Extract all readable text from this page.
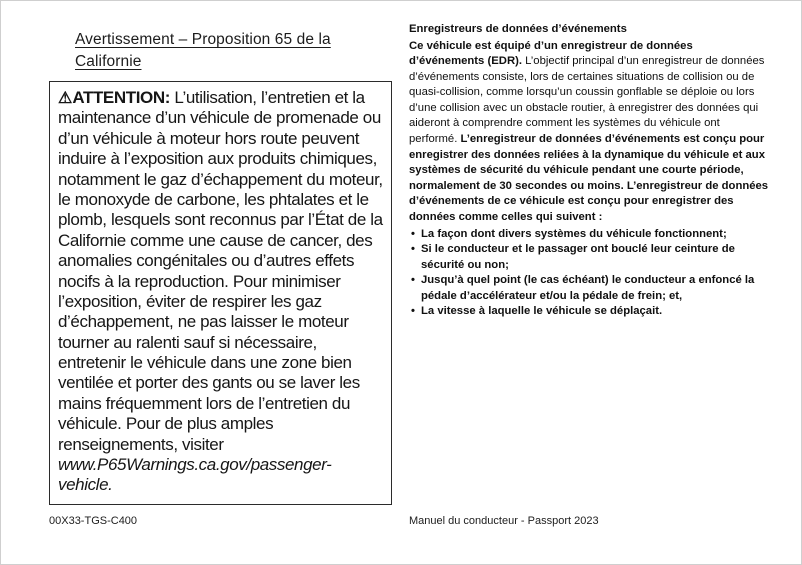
Avertissement – Proposition 65 de la
Californie

⚠ATTENTION: L’utilisation, l’entretien et la maintenance d’un véhicule de promenade ou d’un véhicule à moteur hors route peuvent induire à l’exposition aux produits chimiques, notamment le gaz d’échappement du moteur, le monoxyde de carbone, les phtalates et le plomb, lesquels sont reconnus par l’État de la Californie comme une cause de cancer, des anomalies congénitales ou d’autres effets nocifs à la reproduction. Pour minimiser l’exposition, éviter de respirer les gaz d’échappement, ne pas laisser le moteur tourner au ralenti sauf si nécessaire, entretenir le véhicule dans une zone bien ventilée et porter des gants ou se laver les mains fréquemment lors de l’entretien du véhicule. Pour de plus amples renseignements, visiter www.P65Warnings.ca.gov/passenger-vehicle.

Enregistreurs de données d’événements

Ce véhicule est équipé d’un enregistreur de données d’événements (EDR). L’objectif principal d’un enregistreur de données d’événements consiste, lors de certaines situations de collision ou de quasi-collision, comme lorsqu’un coussin gonflable se déploie ou lors d’une collision avec un obstacle routier, à enregistrer des données qui aideront à comprendre comment les systèmes du véhicule ont performé. L’enregistreur de données d’événements est conçu pour enregistrer des données reliées à la dynamique du véhicule et aux systèmes de sécurité du véhicule pendant une courte période, normalement de 30 secondes ou moins. L’enregistreur de données d’événements de ce véhicule est conçu pour enregistrer des données comme celles qui suivent :

• La façon dont divers systèmes du véhicule fonctionnent;
• Si le conducteur et le passager ont bouclé leur ceinture de sécurité ou non;
• Jusqu’à quel point (le cas échéant) le conducteur a enfoncé la pédale d’accélérateur et/ou la pédale de frein; et,
• La vitesse à laquelle le véhicule se déplaçait.
00X33-TGS-C400	Manuel du conducteur - Passport 2023
